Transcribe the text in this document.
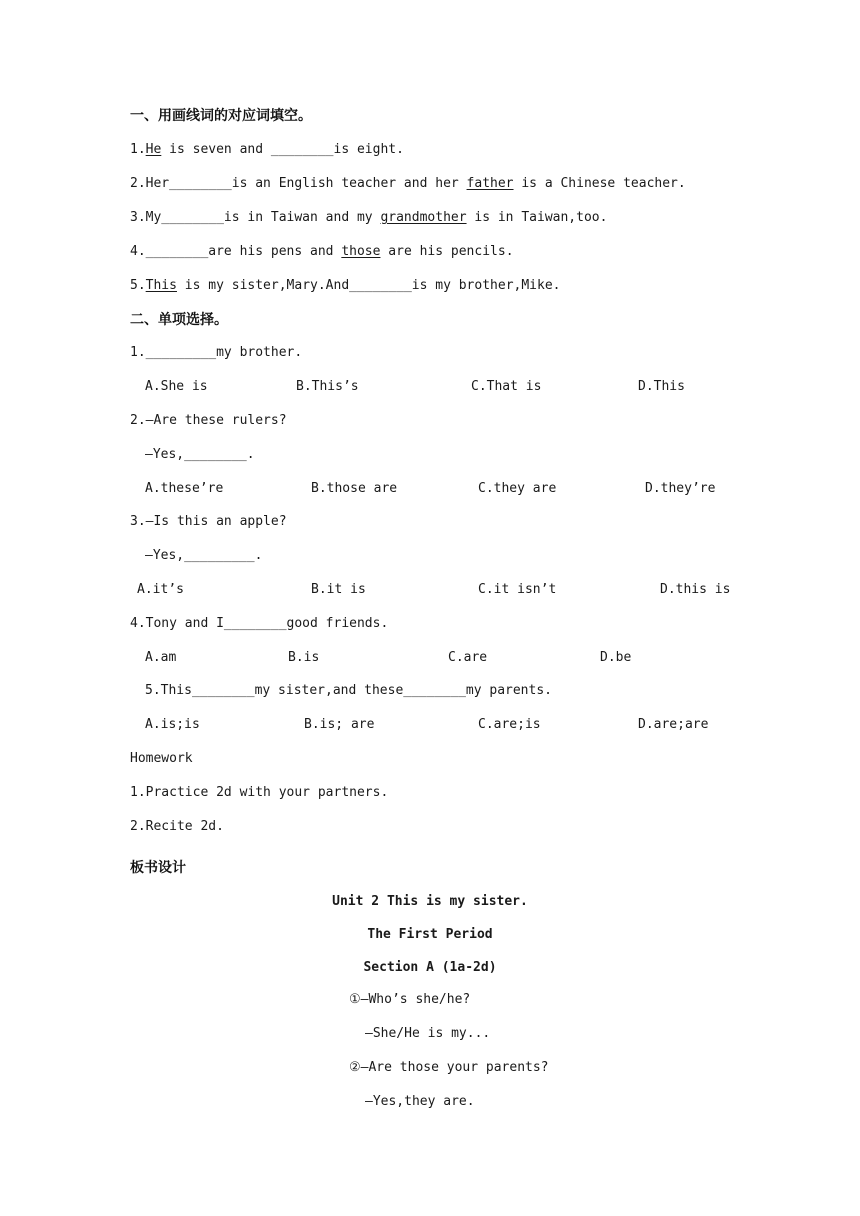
一、用画线词的对应词填空。
1.He is seven and ________is eight.
2.Her________is an English teacher and her father is a Chinese teacher.
3.My________is in Taiwan and my grandmother is in Taiwan,too.
4.________are his pens and those are his pencils.
5.This is my sister,Mary.And________is my brother,Mike.
二、单项选择。
1._________my brother.
A.She is	B.This’s	C.That is	D.This
2.—Are these rulers?
—Yes,________.
A.these’re	B.those are	C.they are	D.they’re
3.—Is this an apple?
—Yes,_________.
A.it’s	B.it is	C.it isn’t	D.this is
4.Tony and I________good friends.
A.am	B.is	C.are	D.be
5.This________my sister,and these________my parents.
A.is;is	B.is; are	C.are;is	D.are;are
Homework
1.Practice 2d with your partners.
2.Recite 2d.
板书设计
Unit 2 This is my sister.
The First Period
Section A (1a-2d)
①—Who’s she/he?
—She/He is my...
②—Are those your parents?
—Yes,they are.
